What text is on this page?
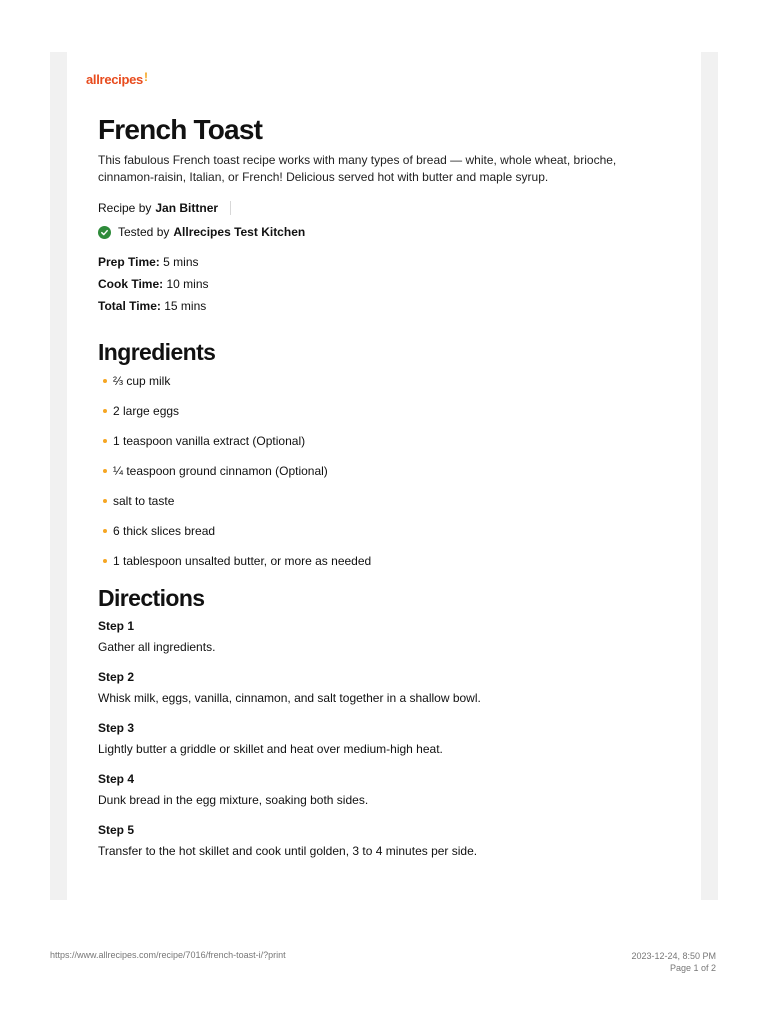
allrecipes!
French Toast

This fabulous French toast recipe works with many types of bread — white, whole wheat, brioche, cinnamon-raisin, Italian, or French! Delicious served hot with butter and maple syrup.

Recipe by Jan Bittner
Tested by Allrecipes Test Kitchen
Prep Time: 5 mins
Cook Time: 10 mins
Total Time: 15 mins
Ingredients
⅔ cup milk
2 large eggs
1 teaspoon vanilla extract (Optional)
¼ teaspoon ground cinnamon (Optional)
salt to taste
6 thick slices bread
1 tablespoon unsalted butter, or more as needed
Directions
Step 1
Gather all ingredients.
Step 2
Whisk milk, eggs, vanilla, cinnamon, and salt together in a shallow bowl.
Step 3
Lightly butter a griddle or skillet and heat over medium-high heat.
Step 4
Dunk bread in the egg mixture, soaking both sides.
Step 5
Transfer to the hot skillet and cook until golden, 3 to 4 minutes per side.
https://www.allrecipes.com/recipe/7016/french-toast-i/?print	2023-12-24, 8:50 PM
Page 1 of 2
